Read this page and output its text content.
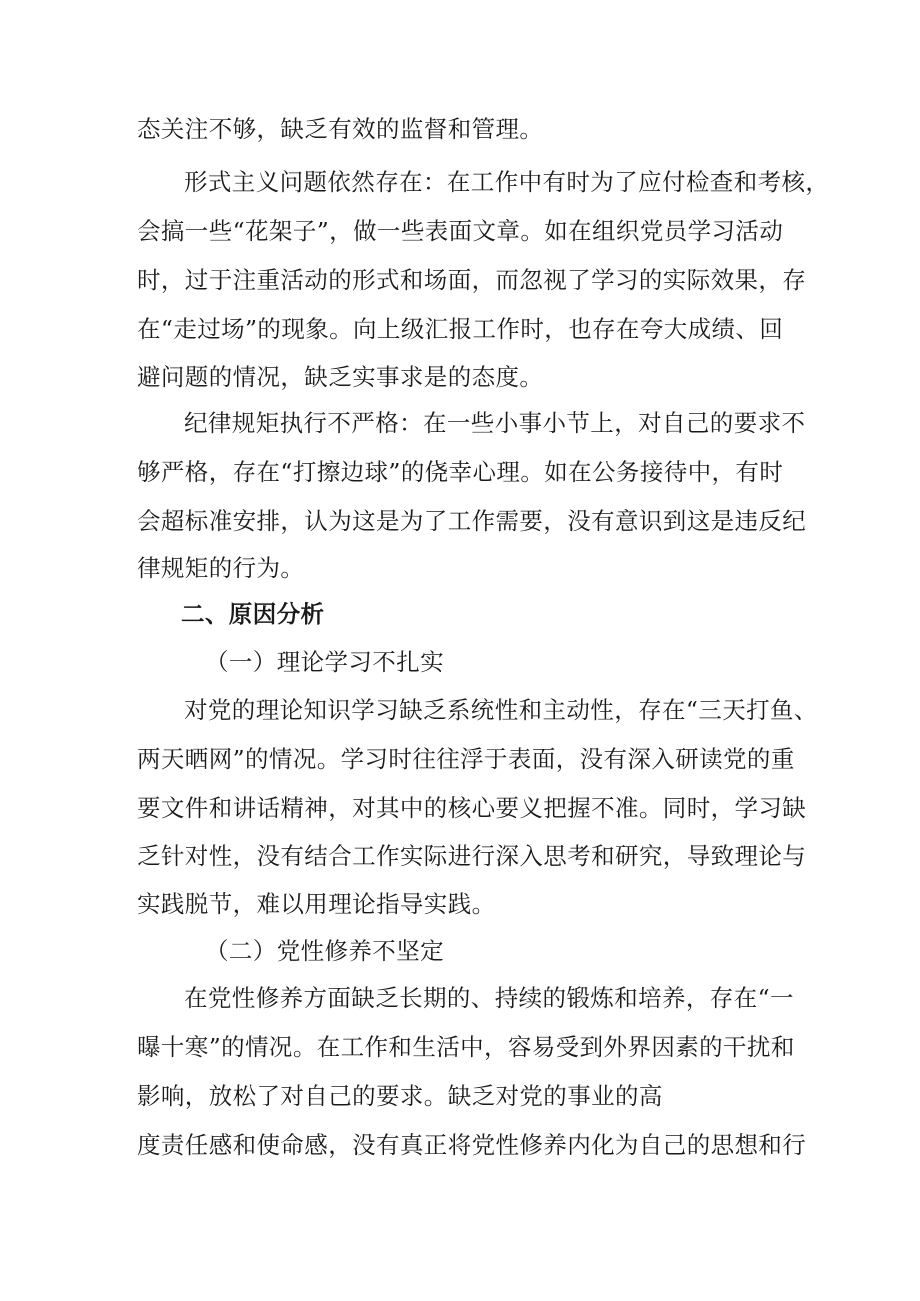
态关注不够，缺乏有效的监督和管理。
形式主义问题依然存在：在工作中有时为了应付检查和考核，
会搞一些“花架子”，做一些表面文章。如在组织党员学习活动
时，过于注重活动的形式和场面，而忽视了学习的实际效果，存
在“走过场”的现象。向上级汇报工作时，也存在夸大成绩、回
避问题的情况，缺乏实事求是的态度。
纪律规矩执行不严格：在一些小事小节上，对自己的要求不
够严格，存在“打擦边球”的侥幸心理。如在公务接待中，有时
会超标准安排，认为这是为了工作需要，没有意识到这是违反纪
律规矩的行为。
二、原因分析
（一）理论学习不扎实
对党的理论知识学习缺乏系统性和主动性，存在“三天打鱼、
两天晒网”的情况。学习时往往浮于表面，没有深入研读党的重
要文件和讲话精神，对其中的核心要义把握不准。同时，学习缺
乏针对性，没有结合工作实际进行深入思考和研究，导致理论与
实践脱节，难以用理论指导实践。
（二）党性修养不坚定
在党性修养方面缺乏长期的、持续的锻炼和培养，存在“一
曝十寒”的情况。在工作和生活中，容易受到外界因素的干扰和
影响，放松了对自己的要求。缺乏对党的事业的高
度责任感和使命感，没有真正将党性修养内化为自己的思想和行
